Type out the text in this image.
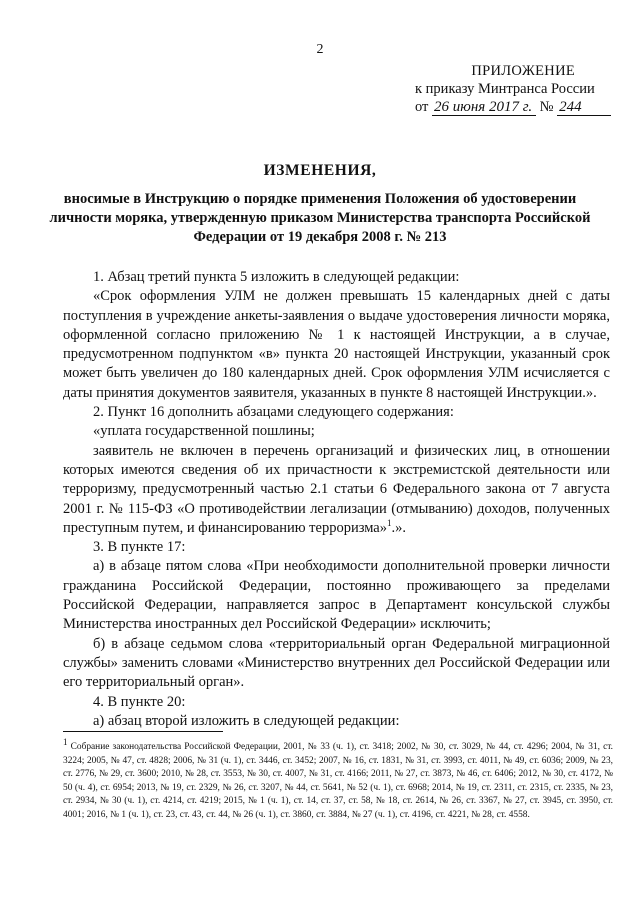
2
ПРИЛОЖЕНИЕ
к приказу Минтранса России
от 26 июня 2017 г. № 244
ИЗМЕНЕНИЯ,
вносимые в Инструкцию о порядке применения Положения об удостоверении личности моряка, утвержденную приказом Министерства транспорта Российской Федерации от 19 декабря 2008 г. № 213

1. Абзац третий пункта 5 изложить в следующей редакции:

«Срок оформления УЛМ не должен превышать 15 календарных дней с даты поступления в учреждение анкеты-заявления о выдаче удостоверения личности моряка, оформленной согласно приложению № 1 к настоящей Инструкции, а в случае, предусмотренном подпунктом «в» пункта 20 настоящей Инструкции, указанный срок может быть увеличен до 180 календарных дней. Срок оформления УЛМ исчисляется с даты принятия документов заявителя, указанных в пункте 8 настоящей Инструкции.».

2. Пункт 16 дополнить абзацами следующего содержания:

«уплата государственной пошлины;

заявитель не включен в перечень организаций и физических лиц, в отношении которых имеются сведения об их причастности к экстремистской деятельности или терроризму, предусмотренный частью 2.1 статьи 6 Федерального закона от 7 августа 2001 г. № 115-ФЗ «О противодействии легализации (отмыванию) доходов, полученных преступным путем, и финансированию терроризма»$^1$.».

3. В пункте 17:

а) в абзаце пятом слова «При необходимости дополнительной проверки личности гражданина Российской Федерации, постоянно проживающего за пределами Российской Федерации, направляется запрос в Департамент консульской службы Министерства иностранных дел Российской Федерации» исключить;

б) в абзаце седьмом слова «территориальный орган Федеральной миграционной службы» заменить словами «Министерство внутренних дел Российской Федерации или его территориальный орган».

4. В пункте 20:

а) абзац второй изложить в следующей редакции:

$^1$ Собрание законодательства Российской Федерации, 2001, № 33 (ч. 1), ст. 3418; 2002, № 30, ст. 3029, № 44, ст. 4296; 2004, № 31, ст. 3224; 2005, № 47, ст. 4828; 2006, № 31 (ч. 1), ст. 3446, ст. 3452; 2007, № 16, ст. 1831, № 31, ст. 3993, ст. 4011, № 49, ст. 6036; 2009, № 23, ст. 2776, № 29, ст. 3600; 2010, № 28, ст. 3553, № 30, ст. 4007, № 31, ст. 4166; 2011, № 27, ст. 3873, № 46, ст. 6406; 2012, № 30, ст. 4172, № 50 (ч. 4), ст. 6954; 2013, № 19, ст. 2329, № 26, ст. 3207, № 44, ст. 5641, № 52 (ч. 1), ст. 6968; 2014, № 19, ст. 2311, ст. 2315, ст. 2335, № 23, ст. 2934, № 30 (ч. 1), ст. 4214, ст. 4219; 2015, № 1 (ч. 1), ст. 14, ст. 37, ст. 58, № 18, ст. 2614, № 26, ст. 3367, № 27, ст. 3945, ст. 3950, ст. 4001; 2016, № 1 (ч. 1), ст. 23, ст. 43, ст. 44, № 26 (ч. 1), ст. 3860, ст. 3884, № 27 (ч. 1), ст. 4196, ст. 4221, № 28, ст. 4558.
